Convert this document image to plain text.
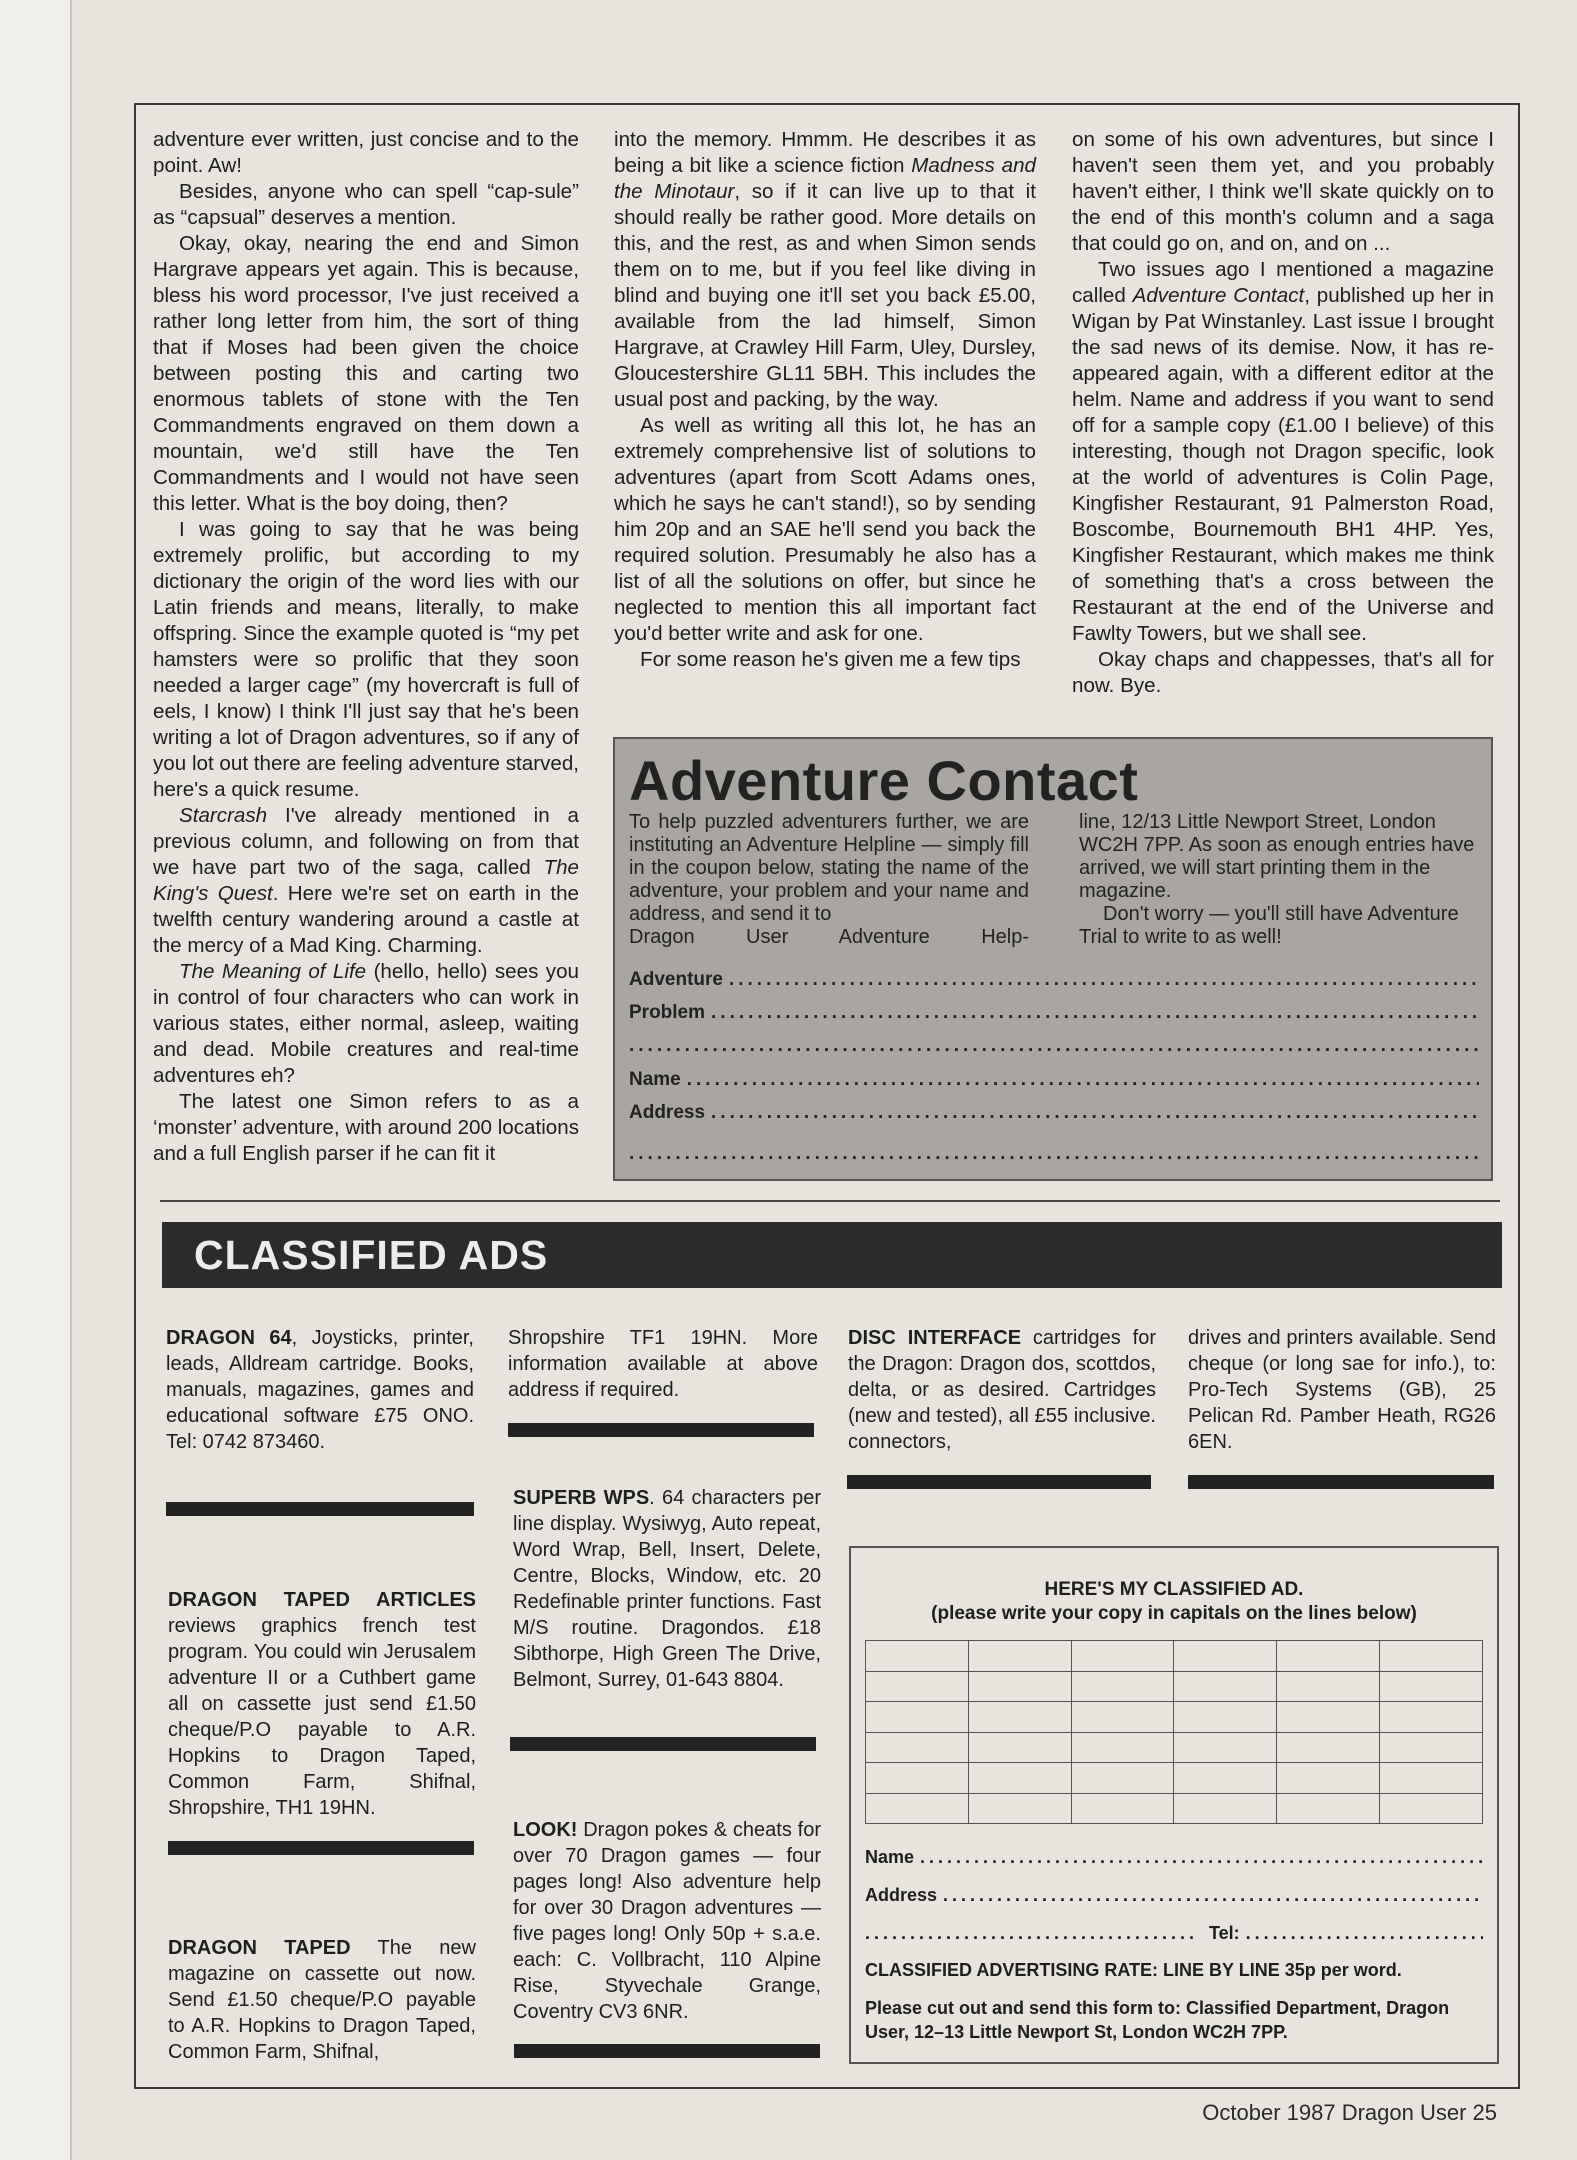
adventure ever written, just concise and to the point. Aw!

Besides, anyone who can spell “cap-sule” as “capsual” deserves a mention.

Okay, okay, nearing the end and Simon Hargrave appears yet again. This is because, bless his word processor, I've just received a rather long letter from him, the sort of thing that if Moses had been given the choice between posting this and carting two enormous tablets of stone with the Ten Commandments engraved on them down a mountain, we'd still have the Ten Commandments and I would not have seen this letter. What is the boy doing, then?

I was going to say that he was being extremely prolific, but according to my dictionary the origin of the word lies with our Latin friends and means, literally, to make offspring. Since the example quoted is “my pet hamsters were so prolific that they soon needed a larger cage” (my hovercraft is full of eels, I know) I think I'll just say that he's been writing a lot of Dragon adventures, so if any of you lot out there are feeling adventure starved, here's a quick resume.

Starcrash I've already mentioned in a previous column, and following on from that we have part two of the saga, called The King's Quest. Here we're set on earth in the twelfth century wandering around a castle at the mercy of a Mad King. Charming.

The Meaning of Life (hello, hello) sees you in control of four characters who can work in various states, either normal, asleep, waiting and dead. Mobile creatures and real-time adventures eh?

The latest one Simon refers to as a ‘monster’ adventure, with around 200 locations and a full English parser if he can fit it

into the memory. Hmmm. He describes it as being a bit like a science fiction Madness and the Minotaur, so if it can live up to that it should really be rather good. More details on this, and the rest, as and when Simon sends them on to me, but if you feel like diving in blind and buying one it'll set you back £5.00, available from the lad himself, Simon Hargrave, at Crawley Hill Farm, Uley, Dursley, Gloucestershire GL11 5BH. This includes the usual post and packing, by the way.

As well as writing all this lot, he has an extremely comprehensive list of solutions to adventures (apart from Scott Adams ones, which he says he can't stand!), so by sending him 20p and an SAE he'll send you back the required solution. Presumably he also has a list of all the solutions on offer, but since he neglected to mention this all important fact you'd better write and ask for one.

For some reason he's given me a few tips

on some of his own adventures, but since I haven't seen them yet, and you probably haven't either, I think we'll skate quickly on to the end of this month's column and a saga that could go on, and on, and on ...

Two issues ago I mentioned a magazine called Adventure Contact, published up her in Wigan by Pat Winstanley. Last issue I brought the sad news of its demise. Now, it has re-appeared again, with a different editor at the helm. Name and address if you want to send off for a sample copy (£1.00 I believe) of this interesting, though not Dragon specific, look at the world of adventures is Colin Page, Kingfisher Restaurant, 91 Palmerston Road, Boscombe, Bournemouth BH1 4HP. Yes, Kingfisher Restaurant, which makes me think of something that's a cross between the Restaurant at the end of the Universe and Fawlty Towers, but we shall see.

Okay chaps and chappesses, that's all for now. Bye.

Adventure Contact
To help puzzled adventurers further, we are instituting an Adventure Helpline — simply fill in the coupon below, stating the name of the adventure, your problem and your name and address, and send it to
Dragon User Adventure Help-

line, 12/13 Little Newport Street, London WC2H 7PP. As soon as enough entries have arrived, we will start printing them in the magazine.

Don't worry — you'll still have Adventure Trial to write to as well!

Adventure
.....
Problem
.....
.....
Name
.....
Address
.....
.....
CLASSIFIED ADS
DRAGON 64, Joysticks, printer, leads, Alldream cartridge. Books, manuals, magazines, games and educational software £75 ONO. Tel: 0742 873460.
DRAGON TAPED ARTICLES reviews graphics french test program. You could win Jerusalem adventure II or a Cuthbert game all on cassette just send £1.50 cheque/P.O payable to A.R. Hopkins to Dragon Taped, Common Farm, Shifnal, Shropshire, TH1 19HN.
DRAGON TAPED The new magazine on cassette out now. Send £1.50 cheque/P.O payable to A.R. Hopkins to Dragon Taped, Common Farm, Shifnal,
Shropshire TF1 19HN. More information available at above address if required.
SUPERB WPS. 64 characters per line display. Wysiwyg, Auto repeat, Word Wrap, Bell, Insert, Delete, Centre, Blocks, Window, etc. 20 Redefinable printer functions. Fast M/S routine. Dragondos. £18 Sibthorpe, High Green The Drive, Belmont, Surrey, 01-643 8804.
LOOK! Dragon pokes & cheats for over 70 Dragon games — four pages long! Also adventure help for over 30 Dragon adventures — five pages long! Only 50p + s.a.e. each: C. Vollbracht, 110 Alpine Rise, Styvechale Grange, Coventry CV3 6NR.
DISC INTERFACE cartridges for the Dragon: Dragon dos, scottdos, delta, or as desired. Cartridges (new and tested), all £55 inclusive. connectors,
drives and printers available. Send cheque (or long sae for info.), to: Pro-Tech Systems (GB), 25 Pelican Rd. Pamber Heath, RG26 6EN.
HERE'S MY CLASSIFIED AD.
(please write your copy in capitals on the lines below)

Name
.....
Address
.....
.....
Tel:
.....
CLASSIFIED ADVERTISING RATE: LINE BY LINE 35p per word.
Please cut out and send this form to: Classified Department, Dragon User, 12–13 Little Newport St, London WC2H 7PP.
October 1987 Dragon User 25
